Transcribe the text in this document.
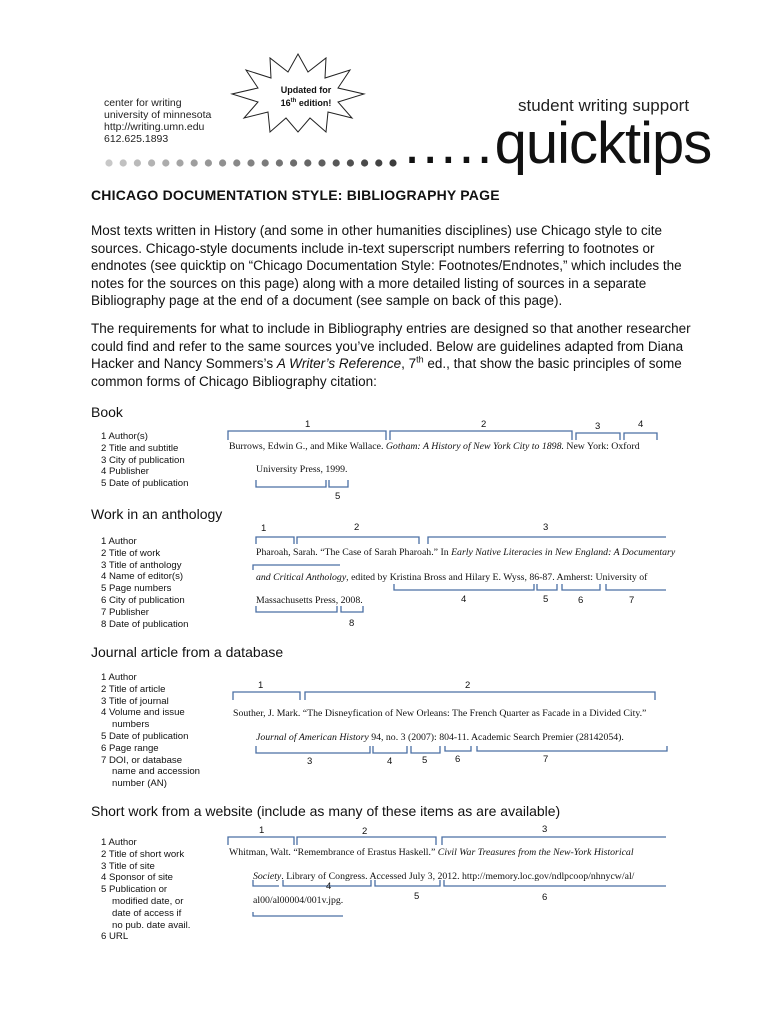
center for writing
university of minnesota
http://writing.umn.edu
612.625.1893
Updated for
16th edition!	student writing support
.....quicktips
CHICAGO DOCUMENTATION STYLE: BIBLIOGRAPHY PAGE
Most texts written in History (and some in other humanities disciplines) use Chicago style to cite sources. Chicago-style documents include in-text superscript numbers referring to footnotes or endnotes (see quicktip on “Chicago Documentation Style: Footnotes/Endnotes,” which includes the notes for the sources on this page) along with a more detailed listing of sources in a separate Bibliography page at the end of a document (see sample on back of this page).
The requirements for what to include in Bibliography entries are designed so that another researcher could find and refer to the same sources you’ve included. Below are guidelines adapted from Diana Hacker and Nancy Sommers’s A Writer’s Reference, 7th ed., that show the basic principles of some common forms of Chicago Bibliography citation:
Book
1 Author(s)
2 Title and subtitle
3 City of publication
4 Publisher
5 Date of publication
Burrows, Edwin G., and Mike Wallace. Gotham: A History of New York City to 1898. New York: Oxford
University Press, 1999.
1	2	3	4
5
Work in an anthology
1 Author
2 Title of work
3 Title of anthology
4 Name of editor(s)
5 Page numbers
6 City of publication
7 Publisher
8 Date of publication
Pharoah, Sarah. “The Case of Sarah Pharoah.” In Early Native Literacies in New England: A Documentary
and Critical Anthology, edited by Kristina Bross and Hilary E. Wyss, 86-87. Amherst: University of
Massachusetts Press, 2008.
1	2	3
4	5	6	7
8
Journal article from a database
1 Author
2 Title of article
3 Title of journal
4 Volume and issue
numbers
5 Date of publication
6 Page range
7 DOI, or database
name and accession
number (AN)
Souther, J. Mark. “The Disneyfication of New Orleans: The French Quarter as Facade in a Divided City.”
Journal of American History 94, no. 3 (2007): 804-11. Academic Search Premier (28142054).
1	2
3	4	5	6	7
Short work from a website (include as many of these items as are available)
1 Author
2 Title of short work
3 Title of site
4 Sponsor of site
5 Publication or
modified date, or
date of access if
no pub. date avail.
6 URL
Whitman, Walt. “Remembrance of Erastus Haskell.” Civil War Treasures from the New-York Historical
Society. Library of Congress. Accessed July 3, 2012. http://memory.loc.gov/ndlpcoop/nhnycw/al/
al00/al00004/001v.jpg.
1	2	3
4
5	6
